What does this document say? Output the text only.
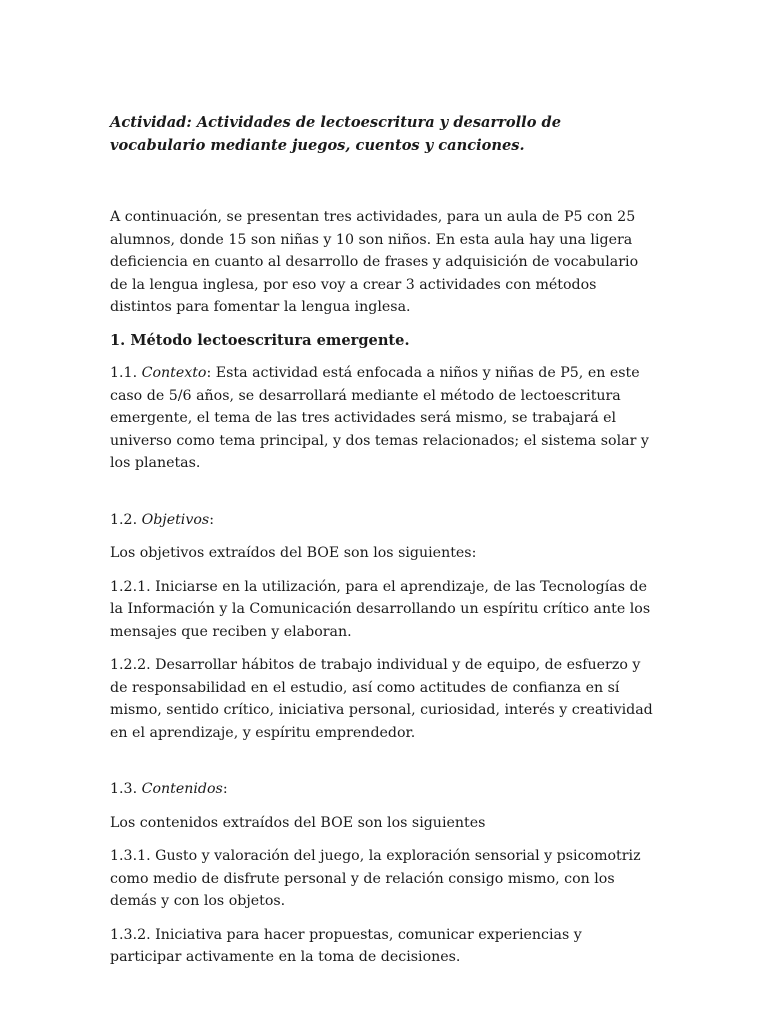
Actividad: Actividades de lectoescritura y desarrollo de vocabulario mediante juegos, cuentos y canciones.

A continuación, se presentan tres actividades, para un aula de P5 con 25 alumnos, donde 15 son niñas y 10 son niños. En esta aula hay una ligera deficiencia en cuanto al desarrollo de frases y adquisición de vocabulario de la lengua inglesa, por eso voy a crear 3 actividades con métodos distintos para fomentar la lengua inglesa.

1. Método lectoescritura emergente.

1.1. Contexto: Esta actividad está enfocada a niños y niñas de P5, en este caso de 5/6 años, se desarrollará mediante el método de lectoescritura emergente, el tema de las tres actividades será mismo, se trabajará el universo como tema principal, y dos temas relacionados; el sistema solar y los planetas.

1.2. Objetivos:

Los objetivos extraídos del BOE son los siguientes:

1.2.1. Iniciarse en la utilización, para el aprendizaje, de las Tecnologías de la Información y la Comunicación desarrollando un espíritu crítico ante los mensajes que reciben y elaboran.

1.2.2. Desarrollar hábitos de trabajo individual y de equipo, de esfuerzo y de responsabilidad en el estudio, así como actitudes de confianza en sí mismo, sentido crítico, iniciativa personal, curiosidad, interés y creatividad en el aprendizaje, y espíritu emprendedor.

1.3. Contenidos:

Los contenidos extraídos del BOE son los siguientes

1.3.1. Gusto y valoración del juego, la exploración sensorial y psicomotriz como medio de disfrute personal y de relación consigo mismo, con los demás y con los objetos.

1.3.2. Iniciativa para hacer propuestas, comunicar experiencias y participar activamente en la toma de decisiones.
